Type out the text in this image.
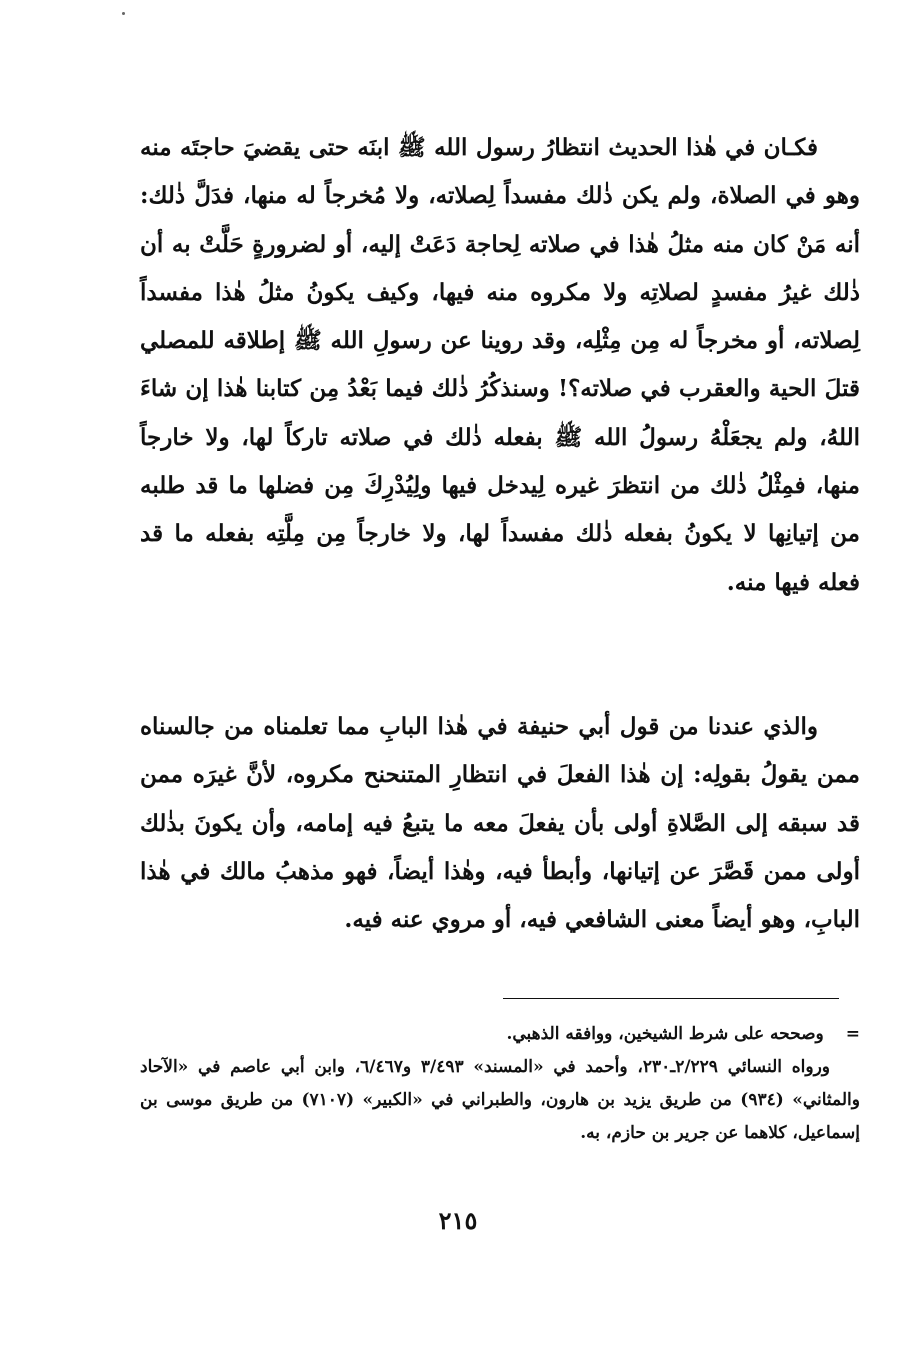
فكـان في هٰذا الحديث انتظارُ رسول الله ﷺ ابنَه حتى يقضيَ حاجتَه منه وهو في الصلاة، ولم يكن ذٰلك مفسداً لِصلاته، ولا مُخرجاً له منها، فدَلَّ ذٰلك: أنه مَنْ كان منه مثلُ هٰذا في صلاته لِحاجة دَعَتْ إليه، أو لضرورةٍ حَلَّتْ به أن ذٰلك غيرُ مفسدٍ لصلاتِه ولا مكروه منه فيها، وكيف يكونُ مثلُ هٰذا مفسداً لِصلاته، أو مخرجاً له مِن مِثْلِه، وقد روينا عن رسولِ الله ﷺ إطلاقه للمصلي قتلَ الحية والعقرب في صلاته؟! وسنذكُرُ ذٰلك فيما بَعْدُ مِن كتابنا هٰذا إن شاءَ اللهُ، ولم يجعَلْهُ رسولُ الله ﷺ بفعله ذٰلك في صلاته تاركاً لها، ولا خارجاً منها، فمِثْلُ ذٰلك من انتظرَ غيره لِيدخل فيها ولِيُدْرِكَ مِن فضلها ما قد طلبه من إتيانِها لا يكونُ بفعله ذٰلك مفسداً لها، ولا خارجاً مِن مِلَّتِه بفعله ما قد فعله فيها منه.

والذي عندنا من قول أبي حنيفة في هٰذا البابِ مما تعلمناه من جالسناه ممن يقولُ بقولِه: إن هٰذا الفعلَ في انتظارِ المتنحنح مكروه، لأنَّ غيرَه ممن قد سبقه إلى الصَّلاةِ أولى بأن يفعلَ معه ما يتبعُ فيه إمامه، وأن يكونَ بذٰلك أولى ممن قَصَّرَ عن إتيانها، وأبطأ فيه، وهٰذا أيضاً، فهو مذهبُ مالك في هٰذا البابِ، وهو أيضاً معنى الشافعي فيه، أو مروي عنه فيه.

=وصححه على شرط الشيخين، ووافقه الذهبي.

ورواه النسائي ٢/٢٢٩ـ٢٣٠، وأحمد في «المسند» ٣/٤٩٣ و٦/٤٦٧، وابن أبي عاصم في «الآحاد والمثاني» (٩٣٤) من طريق يزيد بن هارون، والطبراني في «الكبير» (٧١٠٧) من طريق موسى بن إسماعيل، كلاهما عن جرير بن حازم، به.

٢١٥
